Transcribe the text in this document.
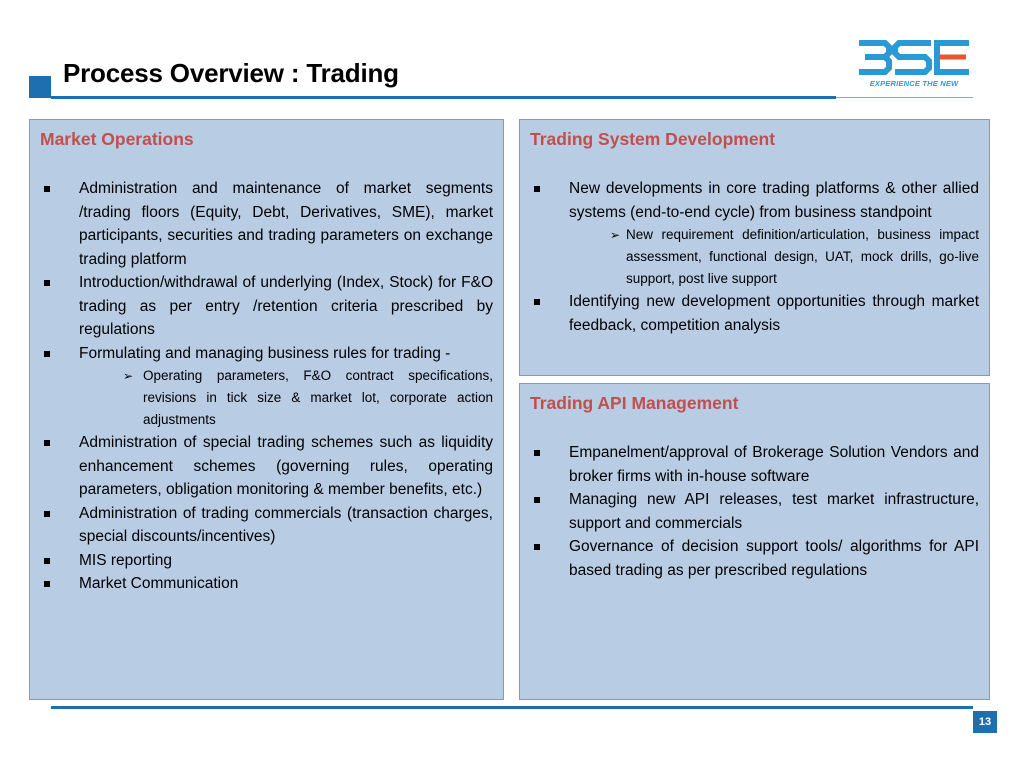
Process Overview : Trading	EXPERIENCE THE NEW
Market Operations
Administration and maintenance of market segments /trading floors (Equity, Debt, Derivatives, SME), market participants, securities and trading parameters on exchange trading platform
Introduction/withdrawal of underlying (Index, Stock) for F&O trading as per entry /retention criteria prescribed by regulations
Formulating and managing business rules for trading -
➢ Operating parameters, F&O contract specifications, revisions in tick size & market lot, corporate action adjustments
Administration of special trading schemes such as liquidity enhancement schemes (governing rules, operating parameters, obligation monitoring & member benefits, etc.)
Administration of trading commercials (transaction charges, special discounts/incentives)
MIS reporting
Market Communication
Trading System Development
New developments in core trading platforms & other allied systems (end-to-end cycle) from business standpoint
➢ New requirement definition/articulation, business impact assessment, functional design, UAT, mock drills, go-live support, post live support
Identifying new development opportunities through market feedback, competition analysis
Trading API Management
Empanelment/approval of Brokerage Solution Vendors and broker firms with in-house software
Managing new API releases, test market infrastructure, support and commercials
Governance of decision support tools/ algorithms for API based trading as per prescribed regulations
13
